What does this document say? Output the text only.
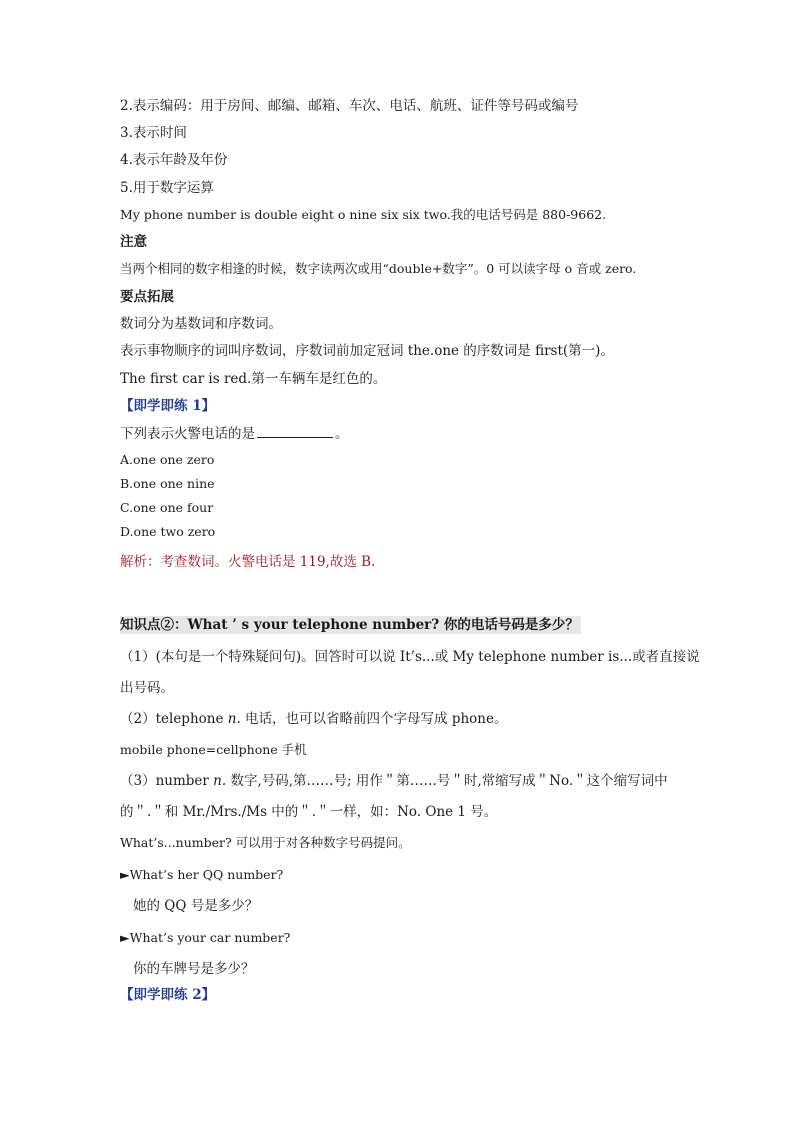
2.表示编码：用于房间、邮编、邮箱、车次、电话、航班、证件等号码或编号
3.表示时间
4.表示年龄及年份
5.用于数字运算
My phone number is double eight o nine six six two.我的电话号码是 880-9662.
注意
当两个相同的数字相逢的时候，数字读两次或用“double+数字”。0 可以读字母 o 音或 zero.
要点拓展
数词分为基数词和序数词。
表示事物顺序的词叫序数词，序数词前加定冠词 the.one 的序数词是 first(第一)。
The first car is red.第一车辆车是红色的。
【即学即练 1】
下列表示火警电话的是	。
A.one one zero
B.one one nine
C.one one four
D.one two zero
解析：考查数词。火警电话是 119,故选 B.
知识点②：What ’ s your telephone number? 你的电话号码是多少？
（1）(本句是一个特殊疑问句)。回答时可以说 It’s...或 My telephone number is...或者直接说
出号码。
（2）telephone n. 电话，也可以省略前四个字母写成 phone。
mobile phone=cellphone 手机
（3）number n. 数字,号码,第……号; 用作＂第……号＂时,常缩写成＂No.＂这个缩写词中
的＂.＂和 Mr./Mrs./Ms 中的＂.＂一样，如：No. One 1 号。
What’s...number? 可以用于对各种数字号码提问。
►What’s her QQ number?
她的 QQ 号是多少？
►What’s your car number?
你的车牌号是多少？
【即学即练 2】
